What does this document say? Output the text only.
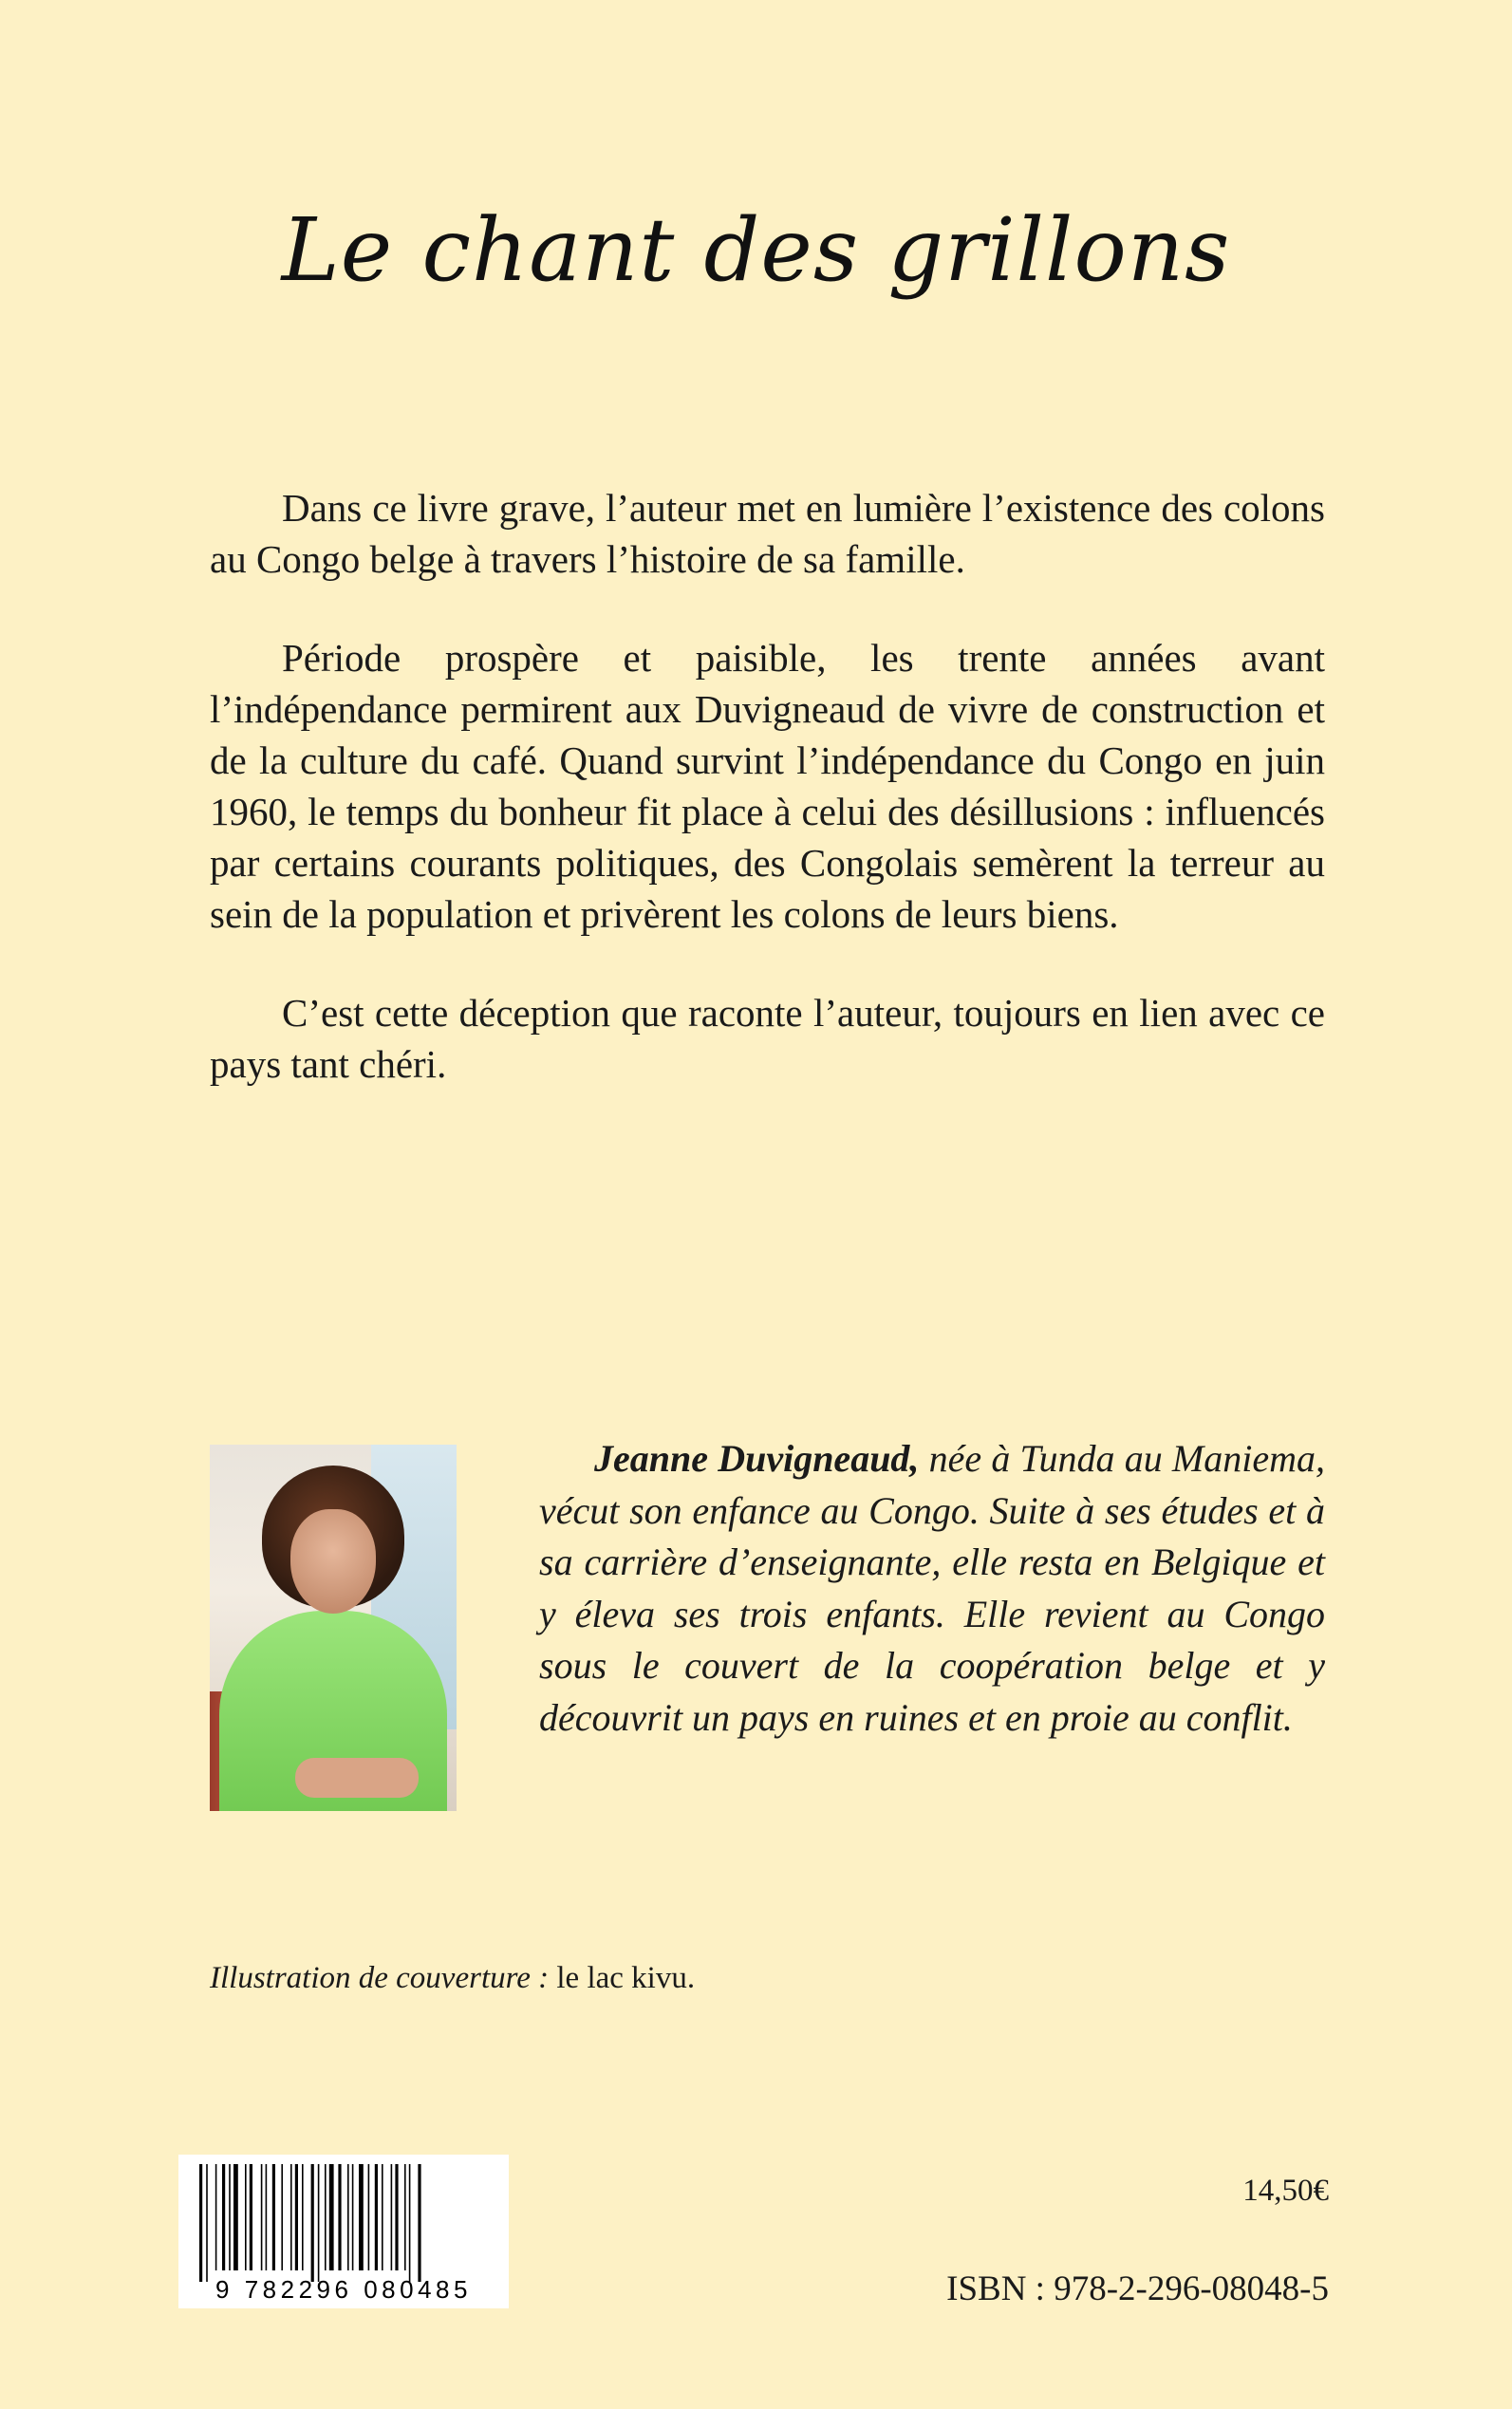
Le chant des grillons

Dans ce livre grave, l’auteur met en lumière l’existence des colons au Congo belge à travers l’histoire de sa famille.

Période prospère et paisible, les trente années avant l’indépendance permirent aux Duvigneaud de vivre de construction et de la culture du café. Quand survint l’indépendance du Congo en juin 1960, le temps du bonheur fit place à celui des désillusions : influencés par certains courants politiques, des Congolais semèrent la terreur au sein de la population et privèrent les colons de leurs biens.

C’est cette déception que raconte l’auteur, toujours en lien avec ce pays tant chéri.

Jeanne Duvigneaud, née à Tunda au Maniema, vécut son enfance au Congo. Suite à ses études et à sa carrière d’enseignante, elle resta en Belgique et y éleva ses trois enfants. Elle revient au Congo sous le couvert de la coopération belge et y découvrit un pays en ruines et en proie au conflit.

Illustration de couverture : le lac kivu.
9 782296 080485
14,50€
ISBN : 978-2-296-08048-5
